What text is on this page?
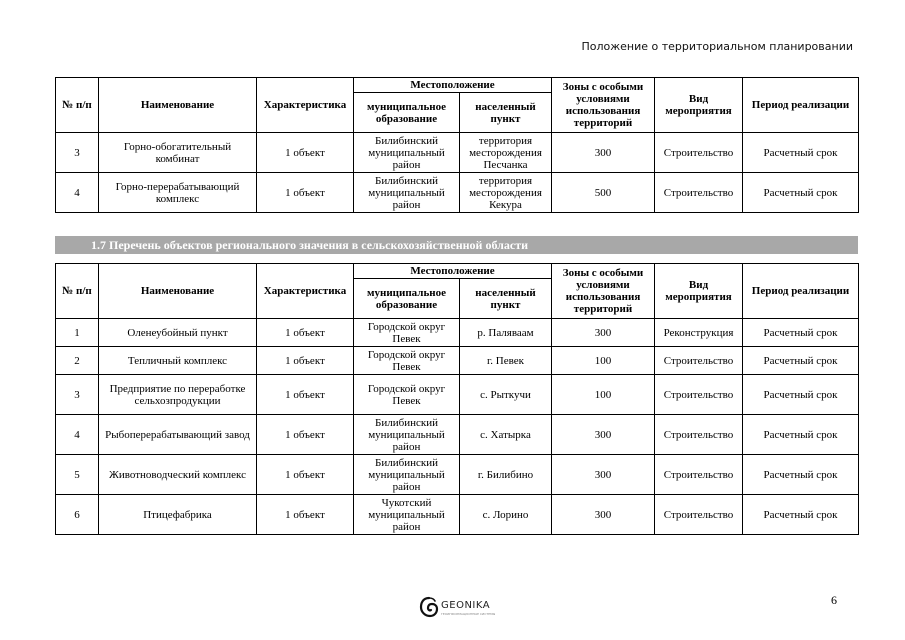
Положение о территориальном планировании
№ п/п	Наименование	Характеристика	Местоположение		Зоны с особыми условиями использования территорий	Вид мероприятия	Период реализации
			муниципальное образование	населенный пункт			
3	Горно-обогатительный комбинат	1 объект	Билибинский муниципальный район	территория месторождения Песчанка	300	Строительство	Расчетный срок
4	Горно-перерабатывающий комплекс	1 объект	Билибинский муниципальный район	территория месторождения Кекура	500	Строительство	Расчетный срок
1.7 Перечень объектов регионального значения в сельскохозяйственной области
№ п/п	Наименование	Характеристика	Местоположение		Зоны с особыми условиями использования территорий	Вид мероприятия	Период реализации
			муниципальное образование	населенный пункт			
1	Оленеубойный пункт	1 объект	Городской округ Певек	р. Паляваам	300	Реконструкция	Расчетный срок
2	Тепличный комплекс	1 объект	Городской округ Певек	г. Певек	100	Строительство	Расчетный срок
3	Предприятие по переработке сельхозпродукции	1 объект	Городской округ Певек	с. Рыткучи	100	Строительство	Расчетный срок
4	Рыбоперерабатывающий завод	1 объект	Билибинский муниципальный район	с. Хатырка	300	Строительство	Расчетный срок
5	Животноводческий комплекс	1 объект	Билибинский муниципальный район	г. Билибино	300	Строительство	Расчетный срок
6	Птицефабрика	1 объект	Чукотский муниципальный район	с. Лорино	300	Строительство	Расчетный срок
GEONIKA
ГЕОИНФОРМАЦИОННЫЕ СИСТЕМЫ
6
